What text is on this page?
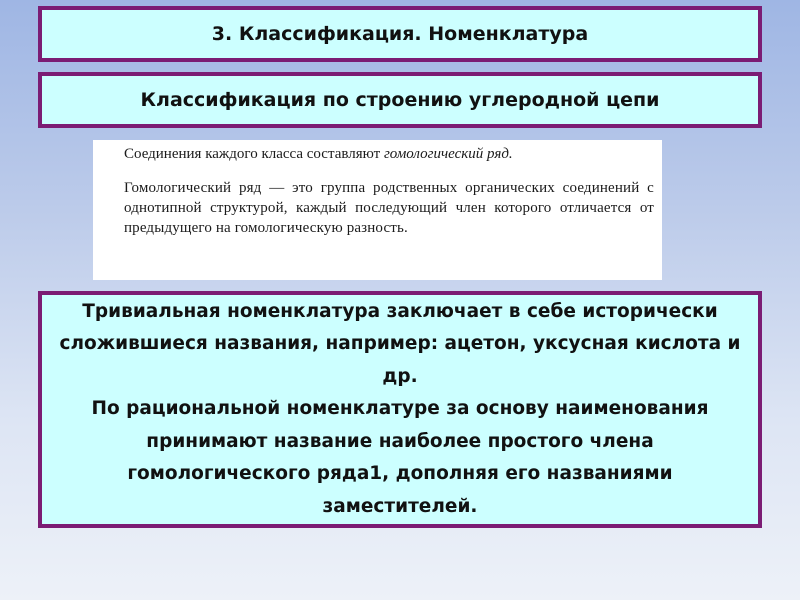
3. Классификация. Номенклатура
Классификация по строению углеродной цепи

Соединения каждого класса составляют гомологический ряд.

Гомологический ряд — это группа родственных органических соединений с однотипной структурой, каждый последующий член которого отличается от предыдущего на гомологическую разность.

Тривиальная номенклатура заключает в себе исторически сложившиеся названия, например: ацетон, уксусная кислота и др.

По рациональной номенклатуре за основу наименования принимают название наиболее простого члена гомологического ряда1, дополняя его названиями заместителей.
